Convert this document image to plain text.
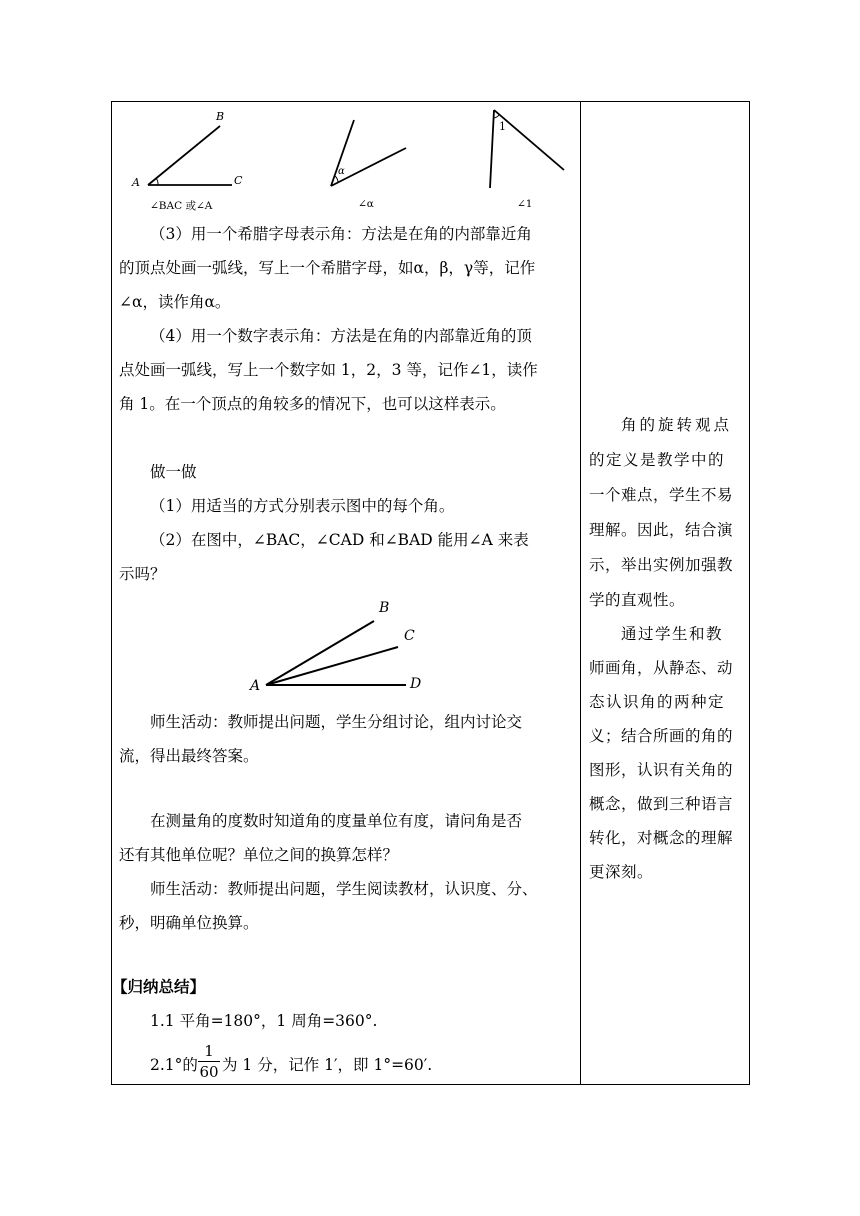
B
A	C
∠BAC 或∠A
α
∠α
1
∠1
（3）用一个希腊字母表示角：方法是在角的内部靠近角
的顶点处画一弧线，写上一个希腊字母，如α，β，γ等，记作
∠α，读作角α。
（4）用一个数字表示角：方法是在角的内部靠近角的顶
点处画一弧线，写上一个数字如 1，2，3 等，记作∠1，读作
角 1。在一个顶点的角较多的情况下，也可以这样表示。
做一做
（1）用适当的方式分别表示图中的每个角。
（2）在图中，∠BAC，∠CAD 和∠BAD 能用∠A 来表
示吗？
A
B
C
D
师生活动：教师提出问题，学生分组讨论，组内讨论交
流，得出最终答案。
在测量角的度数时知道角的度量单位有度，请问角是否
还有其他单位呢？单位之间的换算怎样？
师生活动：教师提出问题，学生阅读教材，认识度、分、
秒，明确单位换算。
【归纳总结】
1.1 平角=180°，1 周角=360°.
2.1°的
1
60 为 1 分，记作 1′，即 1°=60′.
角的旋转观点
的定义是教学中的
一个难点，学生不易
理解。因此，结合演
示，举出实例加强教
学的直观性。
通过学生和教
师画角，从静态、动
态认识角的两种定
义；结合所画的角的
图形，认识有关角的
概念，做到三种语言
转化，对概念的理解
更深刻。
